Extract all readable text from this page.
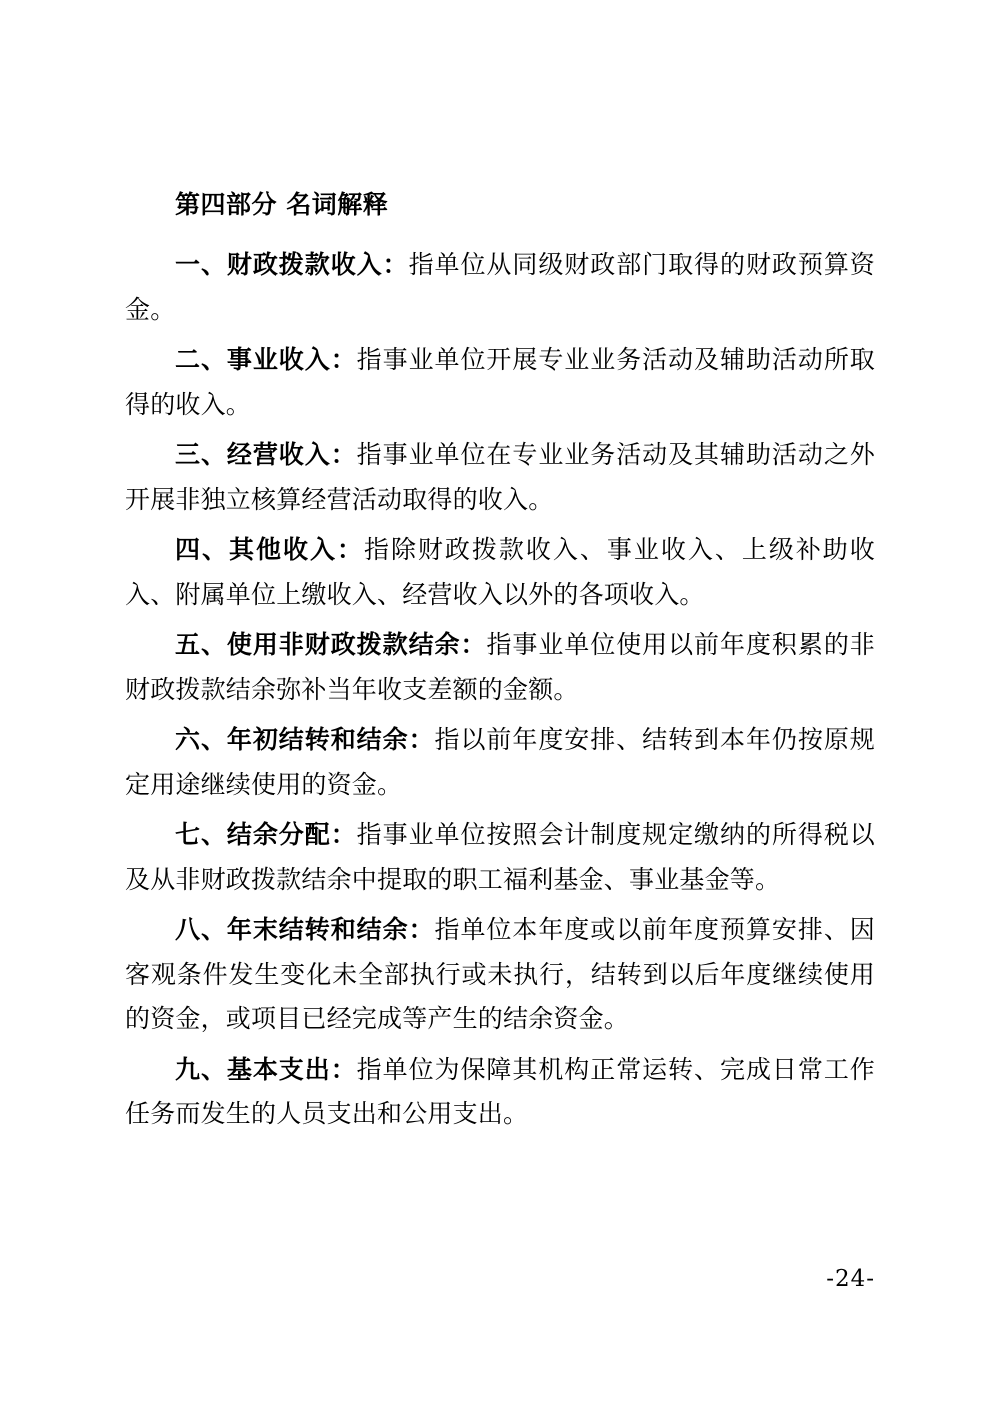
第四部分 名词解释

一、财政拨款收入：指单位从同级财政部门取得的财政预算资金。

二、事业收入：指事业单位开展专业业务活动及辅助活动所取得的收入。

三、经营收入：指事业单位在专业业务活动及其辅助活动之外开展非独立核算经营活动取得的收入。

四、其他收入：指除财政拨款收入、事业收入、上级补助收入、附属单位上缴收入、经营收入以外的各项收入。

五、使用非财政拨款结余：指事业单位使用以前年度积累的非财政拨款结余弥补当年收支差额的金额。

六、年初结转和结余：指以前年度安排、结转到本年仍按原规定用途继续使用的资金。

七、结余分配：指事业单位按照会计制度规定缴纳的所得税以及从非财政拨款结余中提取的职工福利基金、事业基金等。

八、年末结转和结余：指单位本年度或以前年度预算安排、因客观条件发生变化未全部执行或未执行，结转到以后年度继续使用的资金，或项目已经完成等产生的结余资金。

九、基本支出：指单位为保障其机构正常运转、完成日常工作任务而发生的人员支出和公用支出。

-24-
